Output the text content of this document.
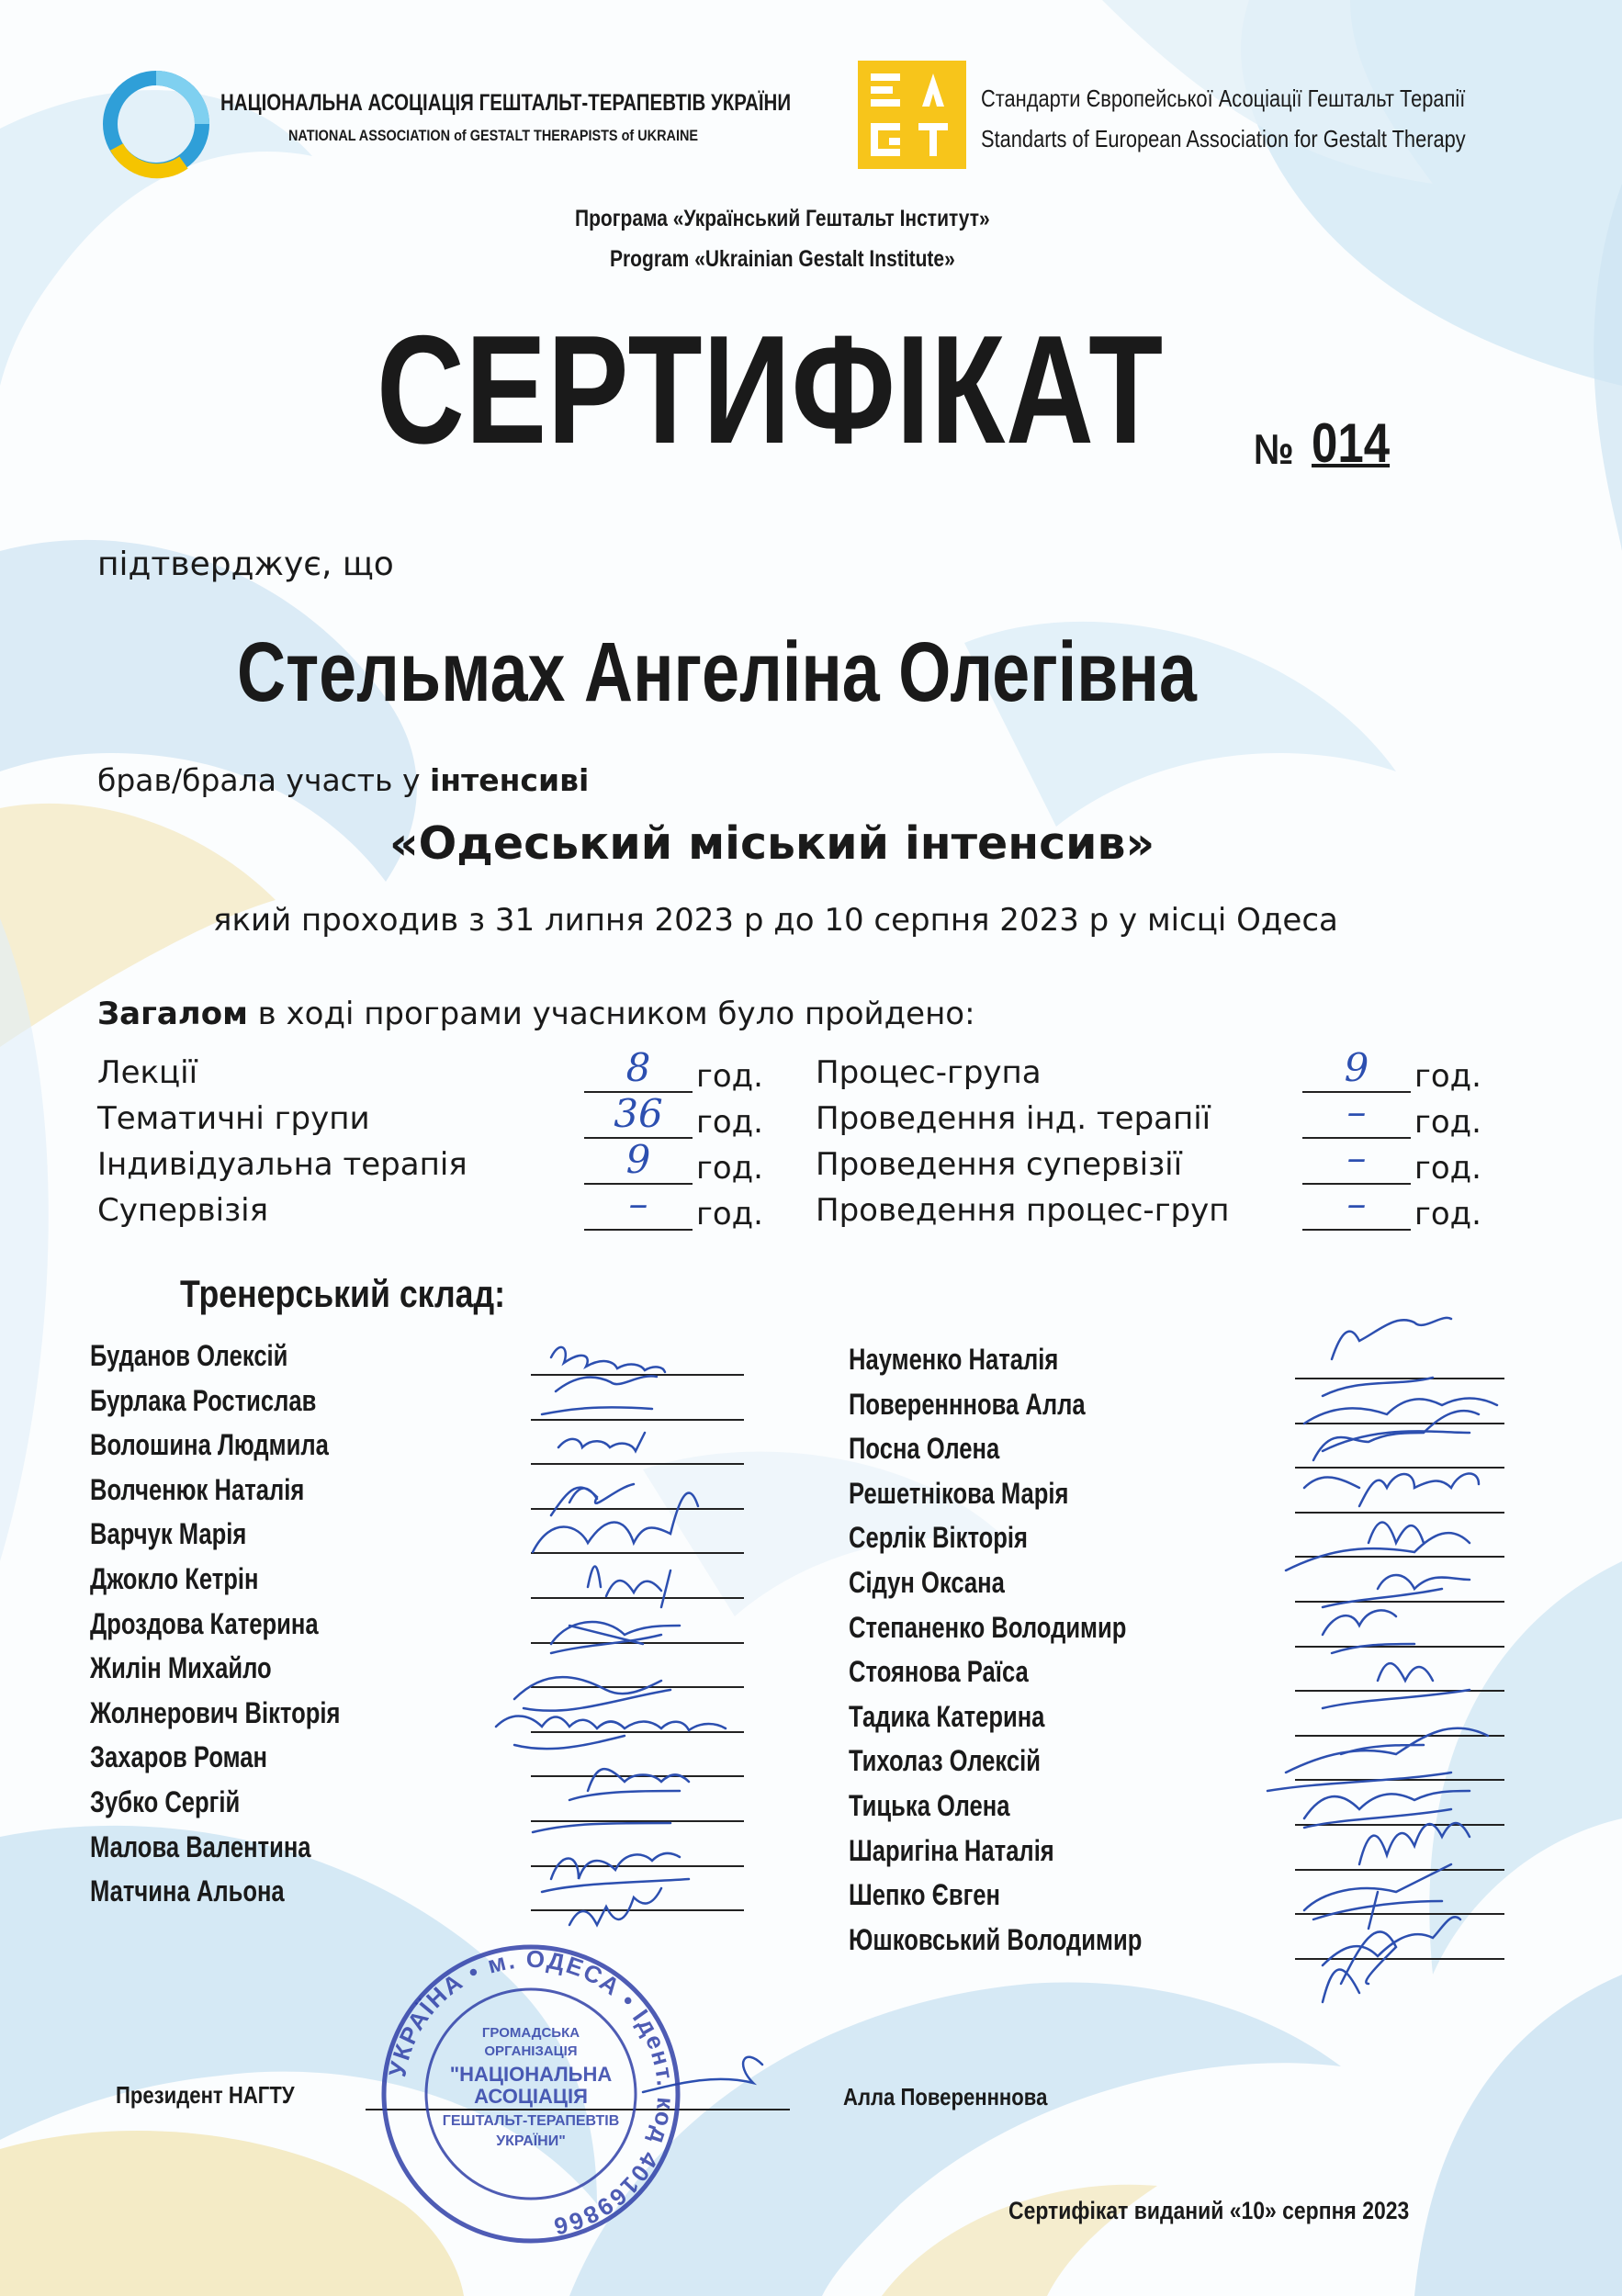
НАЦІОНАЛЬНА АСОЦІАЦІЯ ГЕШТАЛЬТ-ТЕРАПЕВТІВ УКРАЇНИ
NATIONAL ASSOCIATION of GESTALT THERAPISTS of UKRAINE
Стандарти Європейської Асоціації Гештальт Терапії
Standarts of European Association for Gestalt Therapy
Програма «Український Гештальт Інститут»
Program «Ukrainian Gestalt Institute»
СЕРТИФІКАТ	№ 014
підтверджує, що
Стельмах Ангеліна Олегівна
брав/брала участь у інтенсиві
«Одеський міський інтенсив»
який проходив з 31 липня 2023 р до 10 серпня 2023 р у місці Одеса
Загалом в ході програми учасником було пройдено:
Лекції
Тематичні групи
Індивідуальна терапія
Супервізія
8
36
9
–
год.
год.
год.
год.
Процес-група
Проведення інд. терапії
Проведення супервізії
Проведення процес-груп
9
–
–
–
год.
год.
год.
год.
Тренерський склад:
Президент НАГТУ	Алла Поверенннова
Сертифікат виданий «10» серпня 2023
УКРАЇНА • м. ОДЕСА • Ідент. код 40169866
ГРОМАДСЬКА
ОРГАНІЗАЦІЯ
"НАЦІОНАЛЬНА
АСОЦІАЦІЯ
ГЕШТАЛЬТ-ТЕРАПЕВТІВ
УКРАЇНИ"
Буданов Олексій
Бурлака Ростислав
Волошина Людмила
Волченюк Наталія
Варчук Марія
Джокло Кетрін
Дроздова Катерина
Жилін Михайло
Жолнерович Вікторія
Захаров Роман
Зубко Сергій
Малова Валентина
Матчина Альона
Науменко Наталія
Поверенннова Алла
Посна Олена
Решетнікова Марія
Серлік Вікторія
Сідун Оксана
Степаненко Володимир
Стоянова Раїса
Тадика Катерина
Тихолаз Олексій
Тицька Олена
Шаригіна Наталія
Шепко Євген
Юшковський Володимир
